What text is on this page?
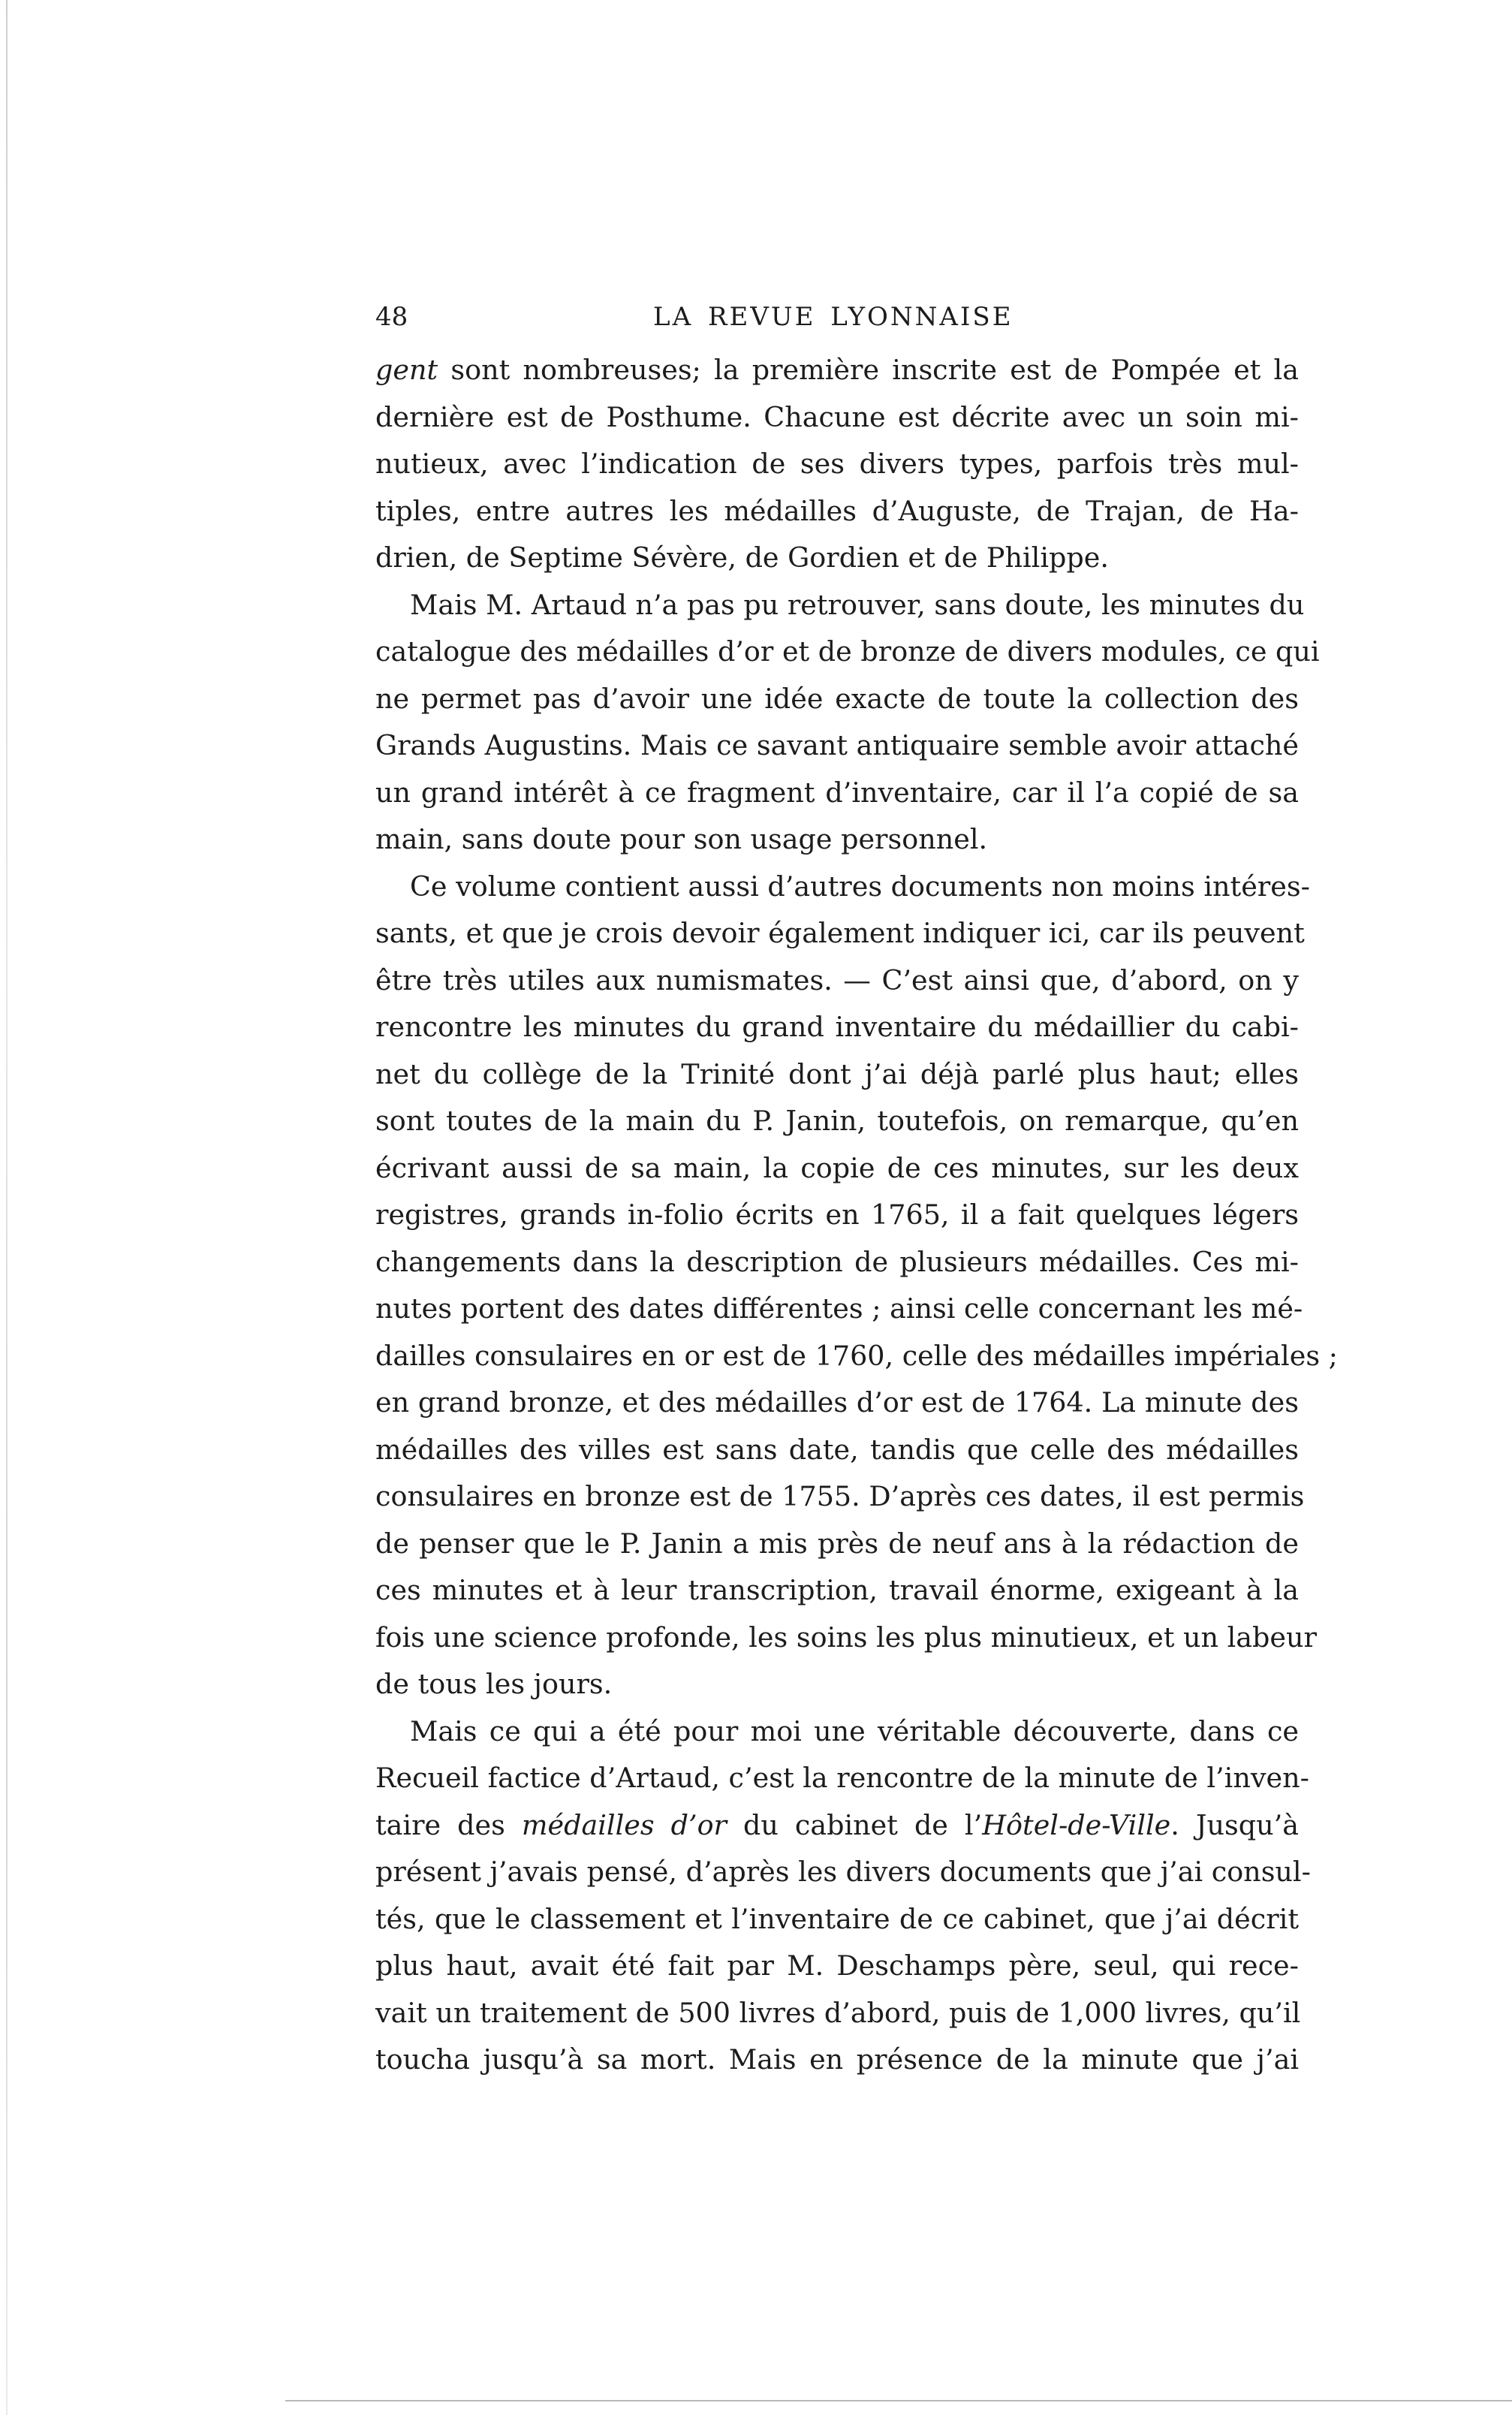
48	LA REVUE LYONNAISE
gent sont nombreuses; la première inscrite est de Pompée et la
dernière est de Posthume. Chacune est décrite avec un soin mi-
nutieux, avec l’indication de ses divers types, parfois très mul-
tiples, entre autres les médailles d’Auguste, de Trajan, de Ha-
drien, de Septime Sévère, de Gordien et de Philippe.
Mais M. Artaud n’a pas pu retrouver, sans doute, les minutes du
catalogue des médailles d’or et de bronze de divers modules, ce qui
ne permet pas d’avoir une idée exacte de toute la collection des
Grands Augustins. Mais ce savant antiquaire semble avoir attaché
un grand intérêt à ce fragment d’inventaire, car il l’a copié de sa
main, sans doute pour son usage personnel.
Ce volume contient aussi d’autres documents non moins intéres-
sants, et que je crois devoir également indiquer ici, car ils peuvent
être très utiles aux numismates. — C’est ainsi que, d’abord, on y
rencontre les minutes du grand inventaire du médaillier du cabi-
net du collège de la Trinité dont j’ai déjà parlé plus haut; elles
sont toutes de la main du P. Janin, toutefois, on remarque, qu’en
écrivant aussi de sa main, la copie de ces minutes, sur les deux
registres, grands in-folio écrits en 1765, il a fait quelques légers
changements dans la description de plusieurs médailles. Ces mi-
nutes portent des dates différentes ; ainsi celle concernant les mé-
dailles consulaires en or est de 1760, celle des médailles impériales ;
en grand bronze, et des médailles d’or est de 1764. La minute des
médailles des villes est sans date, tandis que celle des médailles
consulaires en bronze est de 1755. D’après ces dates, il est permis
de penser que le P. Janin a mis près de neuf ans à la rédaction de
ces minutes et à leur transcription, travail énorme, exigeant à la
fois une science profonde, les soins les plus minutieux, et un labeur
de tous les jours.
Mais ce qui a été pour moi une véritable découverte, dans ce
Recueil factice d’Artaud, c’est la rencontre de la minute de l’inven-
taire des médailles d’or du cabinet de l’Hôtel-de-Ville. Jusqu’à
présent j’avais pensé, d’après les divers documents que j’ai consul-
tés, que le classement et l’inventaire de ce cabinet, que j’ai décrit
plus haut, avait été fait par M. Deschamps père, seul, qui rece-
vait un traitement de 500 livres d’abord, puis de 1,000 livres, qu’il
toucha jusqu’à sa mort. Mais en présence de la minute que j’ai
